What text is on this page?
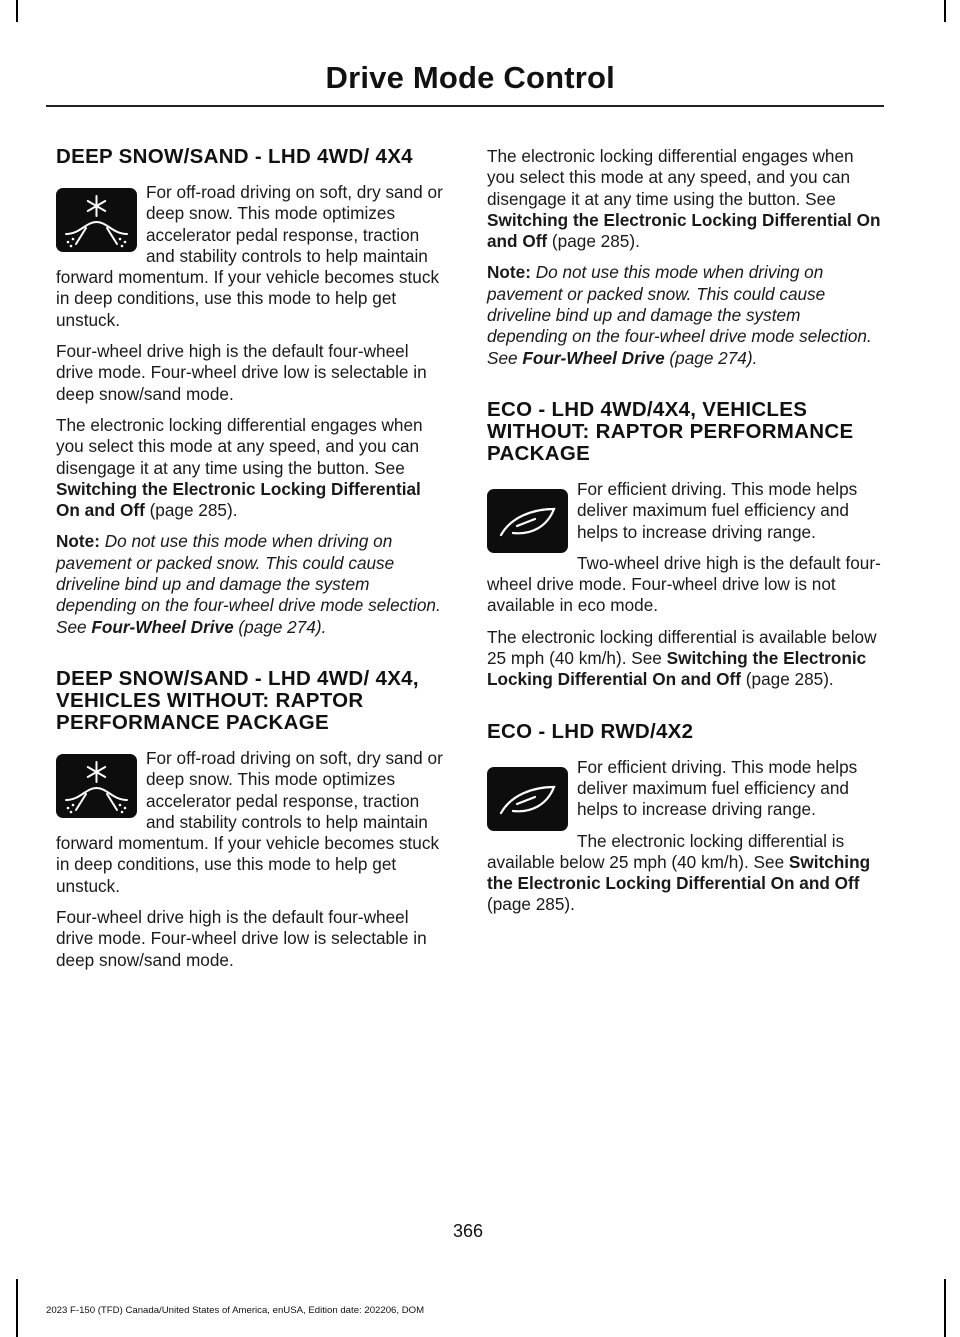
Drive Mode Control
DEEP SNOW/SAND - LHD 4WD/ 4X4

For off-road driving on soft, dry sand or deep snow. This mode optimizes accelerator pedal response, traction and stability controls to help maintain forward momentum. If your vehicle becomes stuck in deep conditions, use this mode to help get unstuck.

Four-wheel drive high is the default four-wheel drive mode. Four-wheel drive low is selectable in deep snow/sand mode.

The electronic locking differential engages when you select this mode at any speed, and you can disengage it at any time using the button. See Switching the Electronic Locking Differential On and Off (page 285).

Note: Do not use this mode when driving on pavement or packed snow. This could cause driveline bind up and damage the system depending on the four-wheel drive mode selection. See Four-Wheel Drive (page 274).

DEEP SNOW/SAND - LHD 4WD/ 4X4, VEHICLES WITHOUT: RAPTOR PERFORMANCE PACKAGE

For off-road driving on soft, dry sand or deep snow. This mode optimizes accelerator pedal response, traction and stability controls to help maintain forward momentum. If your vehicle becomes stuck in deep conditions, use this mode to help get unstuck.

Four-wheel drive high is the default four-wheel drive mode. Four-wheel drive low is selectable in deep snow/sand mode.

The electronic locking differential engages when you select this mode at any speed, and you can disengage it at any time using the button. See Switching the Electronic Locking Differential On and Off (page 285).

Note: Do not use this mode when driving on pavement or packed snow. This could cause driveline bind up and damage the system depending on the four-wheel drive mode selection. See Four-Wheel Drive (page 274).

ECO - LHD 4WD/4X4, VEHICLES WITHOUT: RAPTOR PERFORMANCE PACKAGE

For efficient driving. This mode helps deliver maximum fuel efficiency and helps to increase driving range.

Two-wheel drive high is the default four-wheel drive mode. Four-wheel drive low is not available in eco mode.

The electronic locking differential is available below 25 mph (40 km/h). See Switching the Electronic Locking Differential On and Off (page 285).

ECO - LHD RWD/4X2

For efficient driving. This mode helps deliver maximum fuel efficiency and helps to increase driving range.

The electronic locking differential is available below 25 mph (40 km/h). See Switching the Electronic Locking Differential On and Off (page 285).

366
2023 F-150 (TFD) Canada/United States of America, enUSA, Edition date: 202206, DOM
